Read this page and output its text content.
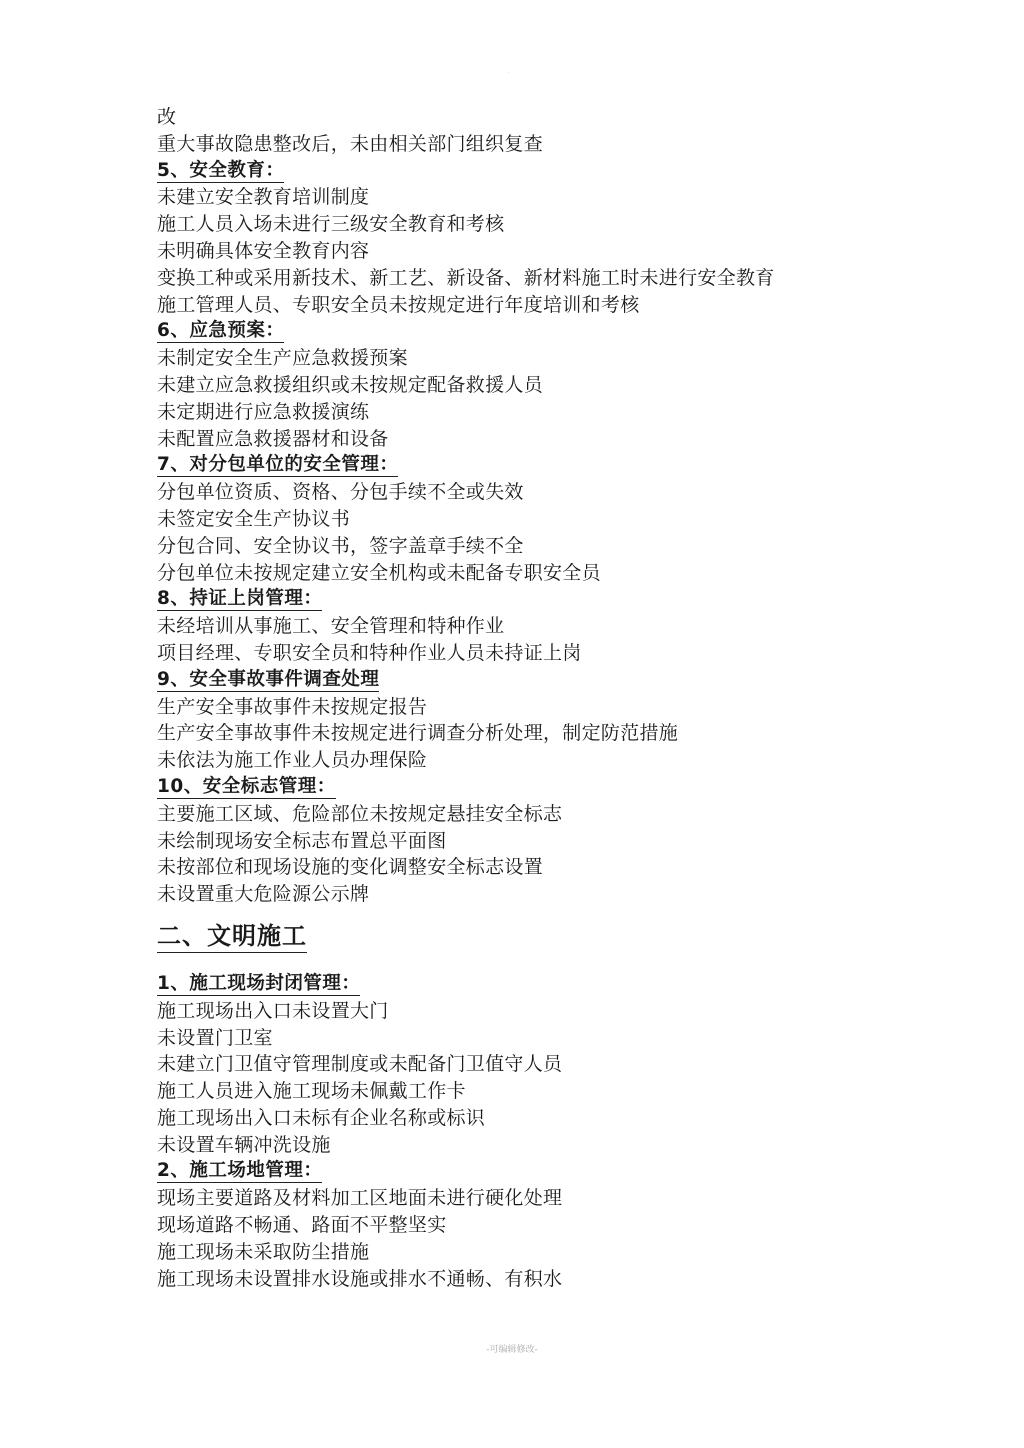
·
改
重大事故隐患整改后，未由相关部门组织复查
5、安全教育：
未建立安全教育培训制度
施工人员入场未进行三级安全教育和考核
未明确具体安全教育内容
变换工种或采用新技术、新工艺、新设备、新材料施工时未进行安全教育
施工管理人员、专职安全员未按规定进行年度培训和考核
6、应急预案：
未制定安全生产应急救援预案
未建立应急救援组织或未按规定配备救援人员
未定期进行应急救援演练
未配置应急救援器材和设备
7、对分包单位的安全管理：
分包单位资质、资格、分包手续不全或失效
未签定安全生产协议书
分包合同、安全协议书，签字盖章手续不全
分包单位未按规定建立安全机构或未配备专职安全员
8、持证上岗管理：
未经培训从事施工、安全管理和特种作业
项目经理、专职安全员和特种作业人员未持证上岗
9、安全事故事件调查处理
生产安全事故事件未按规定报告
生产安全事故事件未按规定进行调查分析处理，制定防范措施
未依法为施工作业人员办理保险
10、安全标志管理：
主要施工区域、危险部位未按规定悬挂安全标志
未绘制现场安全标志布置总平面图
未按部位和现场设施的变化调整安全标志设置
未设置重大危险源公示牌
二、文明施工
1、施工现场封闭管理：
施工现场出入口未设置大门
未设置门卫室
未建立门卫值守管理制度或未配备门卫值守人员
施工人员进入施工现场未佩戴工作卡
施工现场出入口未标有企业名称或标识
未设置车辆冲洗设施
2、施工场地管理：
现场主要道路及材料加工区地面未进行硬化处理
现场道路不畅通、路面不平整坚实
施工现场未采取防尘措施
施工现场未设置排水设施或排水不通畅、有积水
-可编辑修改-
